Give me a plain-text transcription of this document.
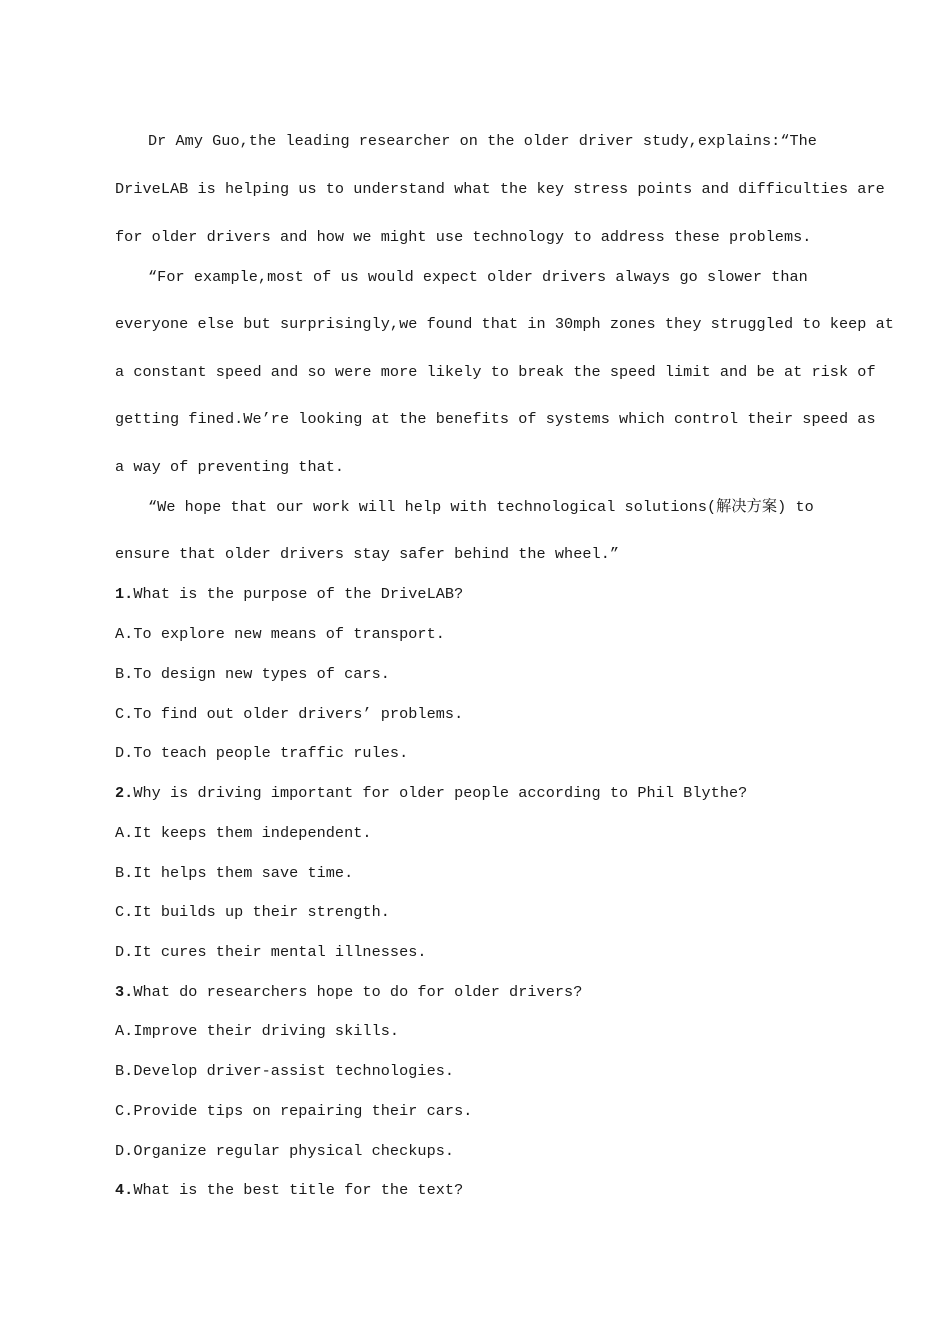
Dr Amy Guo,the leading researcher on the older driver study,explains:“The
DriveLAB is helping us to understand what the key stress points and difficulties are
for older drivers and how we might use technology to address these problems.
“For example,most of us would expect older drivers always go slower than
everyone else but surprisingly,we found that in 30mph zones they struggled to keep at
a constant speed and so were more likely to break the speed limit and be at risk of
getting fined.We’re looking at the benefits of systems which control their speed as
a way of preventing that.
“We hope that our work will help with technological solutions(解决方案) to
ensure that older drivers stay safer behind the wheel.”
1.What is the purpose of the DriveLAB?
A.To explore new means of transport.
B.To design new types of cars.
C.To find out older drivers’ problems.
D.To teach people traffic rules.
2.Why is driving important for older people according to Phil Blythe?
A.It keeps them independent.
B.It helps them save time.
C.It builds up their strength.
D.It cures their mental illnesses.
3.What do researchers hope to do for older drivers?
A.Improve their driving skills.
B.Develop driver-assist technologies.
C.Provide tips on repairing their cars.
D.Organize regular physical checkups.
4.What is the best title for the text?
